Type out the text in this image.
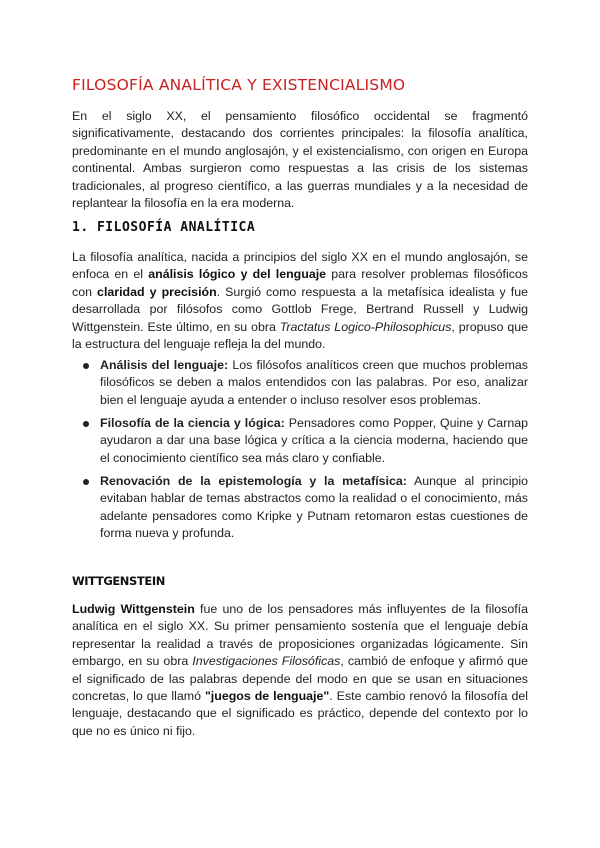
FILOSOFÍA ANALÍTICA Y EXISTENCIALISMO

En el siglo XX, el pensamiento filosófico occidental se fragmentó significativamente, destacando dos corrientes principales: la filosofía analítica, predominante en el mundo anglosajón, y el existencialismo, con origen en Europa continental. Ambas surgieron como respuestas a las crisis de los sistemas tradicionales, al progreso científico, a las guerras mundiales y a la necesidad de replantear la filosofía en la era moderna.

1. FILOSOFÍA ANALÍTICA

La filosofía analítica, nacida a principios del siglo XX en el mundo anglosajón, se enfoca en el análisis lógico y del lenguaje para resolver problemas filosóficos con claridad y precisión. Surgió como respuesta a la metafísica idealista y fue desarrollada por filósofos como Gottlob Frege, Bertrand Russell y Ludwig Wittgenstein. Este último, en su obra Tractatus Logico-Philosophicus, propuso que la estructura del lenguaje refleja la del mundo.

Análisis del lenguaje: Los filósofos analíticos creen que muchos problemas filosóficos se deben a malos entendidos con las palabras. Por eso, analizar bien el lenguaje ayuda a entender o incluso resolver esos problemas.
Filosofía de la ciencia y lógica: Pensadores como Popper, Quine y Carnap ayudaron a dar una base lógica y crítica a la ciencia moderna, haciendo que el conocimiento científico sea más claro y confiable.
Renovación de la epistemología y la metafísica: Aunque al principio evitaban hablar de temas abstractos como la realidad o el conocimiento, más adelante pensadores como Kripke y Putnam retomaron estas cuestiones de forma nueva y profunda.
WITTGENSTEIN

Ludwig Wittgenstein fue uno de los pensadores más influyentes de la filosofía analítica en el siglo XX. Su primer pensamiento sostenía que el lenguaje debía representar la realidad a través de proposiciones organizadas lógicamente. Sin embargo, en su obra Investigaciones Filosóficas, cambió de enfoque y afirmó que el significado de las palabras depende del modo en que se usan en situaciones concretas, lo que llamó "juegos de lenguaje". Este cambio renovó la filosofía del lenguaje, destacando que el significado es práctico, depende del contexto por lo que no es único ni fijo.
